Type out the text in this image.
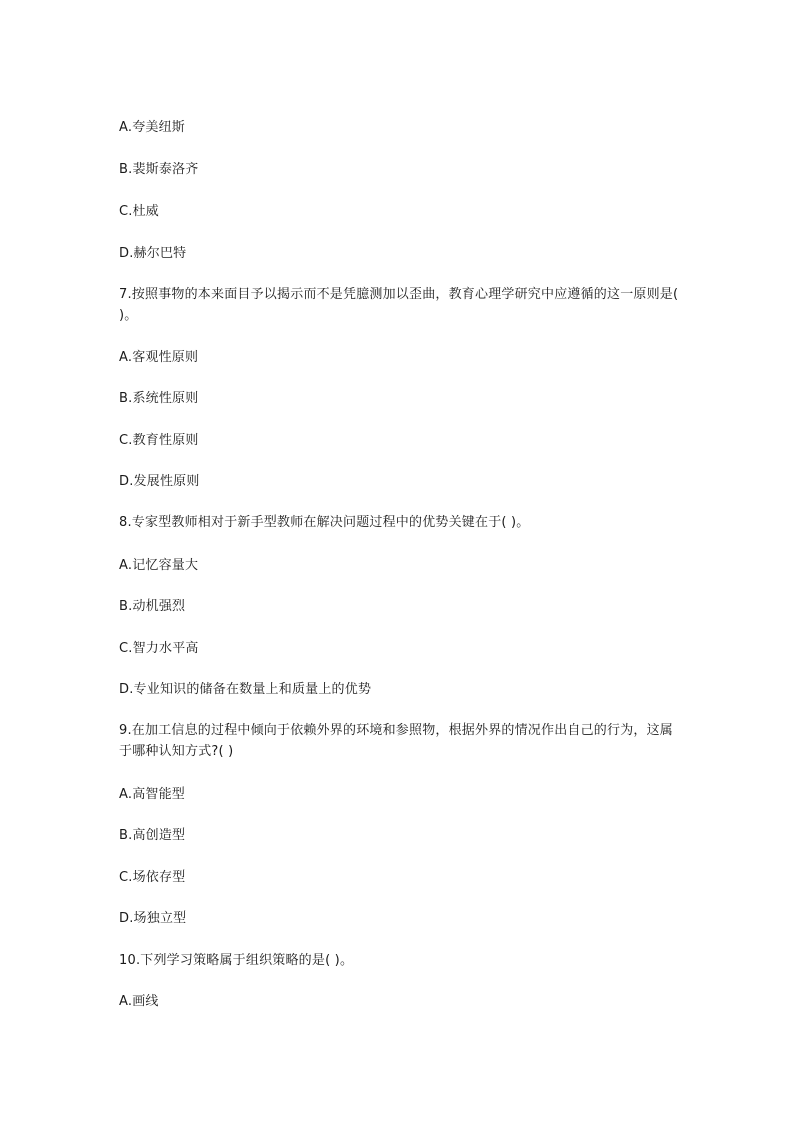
A.夸美纽斯
B.裴斯泰洛齐
C.杜威
D.赫尔巴特
7.按照事物的本来面目予以揭示而不是凭臆测加以歪曲，教育心理学研究中应遵循的这一原则是( )。
A.客观性原则
B.系统性原则
C.教育性原则
D.发展性原则
8.专家型教师相对于新手型教师在解决问题过程中的优势关键在于( )。
A.记忆容量大
B.动机强烈
C.智力水平高
D.专业知识的储备在数量上和质量上的优势
9.在加工信息的过程中倾向于依赖外界的环境和参照物，根据外界的情况作出自己的行为，这属于哪种认知方式?( )
A.高智能型
B.高创造型
C.场依存型
D.场独立型
10.下列学习策略属于组织策略的是( )。
A.画线
